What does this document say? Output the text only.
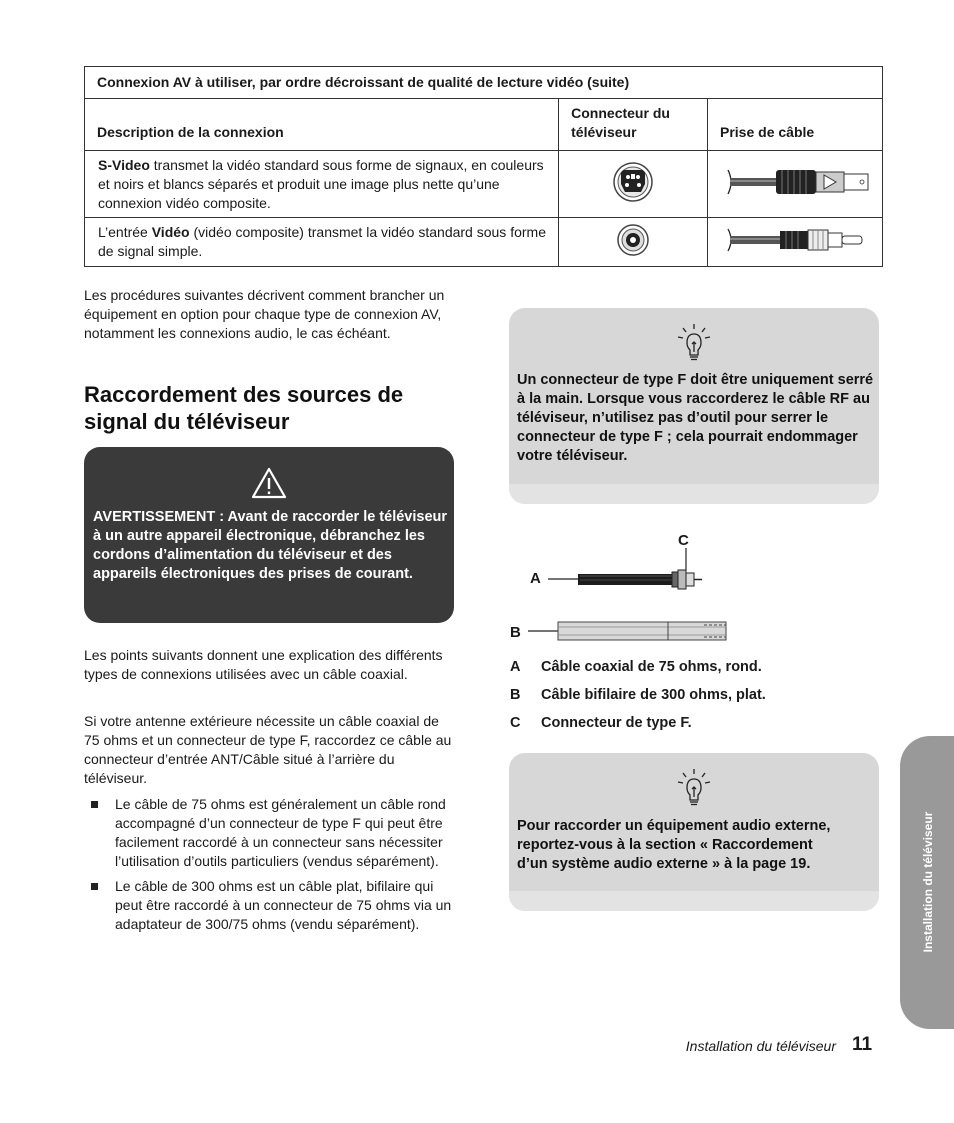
Connexion AV à utiliser, par ordre décroissant de qualité de lecture vidéo (suite)		
Description de la connexion	Connecteur du téléviseur	Prise de câble
S-Video transmet la vidéo standard sous forme de signaux, en couleurs et noirs et blancs séparés et produit une image plus nette qu’une connexion vidéo composite.		
L’entrée Vidéo (vidéo composite) transmet la vidéo standard sous forme de signal simple.		
Les procédures suivantes décrivent comment brancher un équipement en option pour chaque type de connexion AV, notamment les connexions audio, le cas échéant.
Raccordement des sources de signal du téléviseur
AVERTISSEMENT : Avant de raccorder le téléviseur à un autre appareil électronique, débranchez les cordons d’alimentation du téléviseur et des appareils électroniques des prises de courant.
Les points suivants donnent une explication des différents types de connexions utilisées avec un câble coaxial.
Si votre antenne extérieure nécessite un câble coaxial de 75 ohms et un connecteur de type F, raccordez ce câble au connecteur d’entrée ANT/Câble situé à l’arrière du téléviseur.
Le câble de 75 ohms est généralement un câble rond accompagné d’un connecteur de type F qui peut être facilement raccordé à un connecteur sans nécessiter l’utilisation d’outils particuliers (vendus séparément).
Le câble de 300 ohms est un câble plat, bifilaire qui peut être raccordé à un connecteur de 75 ohms via un adaptateur de 300/75 ohms (vendu séparément).
Un connecteur de type F doit être uniquement serré à la main. Lorsque vous raccorderez le câble RF au téléviseur, n’utilisez pas d’outil pour serrer le connecteur de type F ; cela pourrait endommager votre téléviseur.
A
C
B
A Câble coaxial de 75 ohms, rond.
B Câble bifilaire de 300 ohms, plat.
C Connecteur de type F.
Pour raccorder un équipement audio externe, reportez-vous à la section « Raccordement d’un système audio externe » à la page 19.	Installation du téléviseur
Installation du téléviseur 11
